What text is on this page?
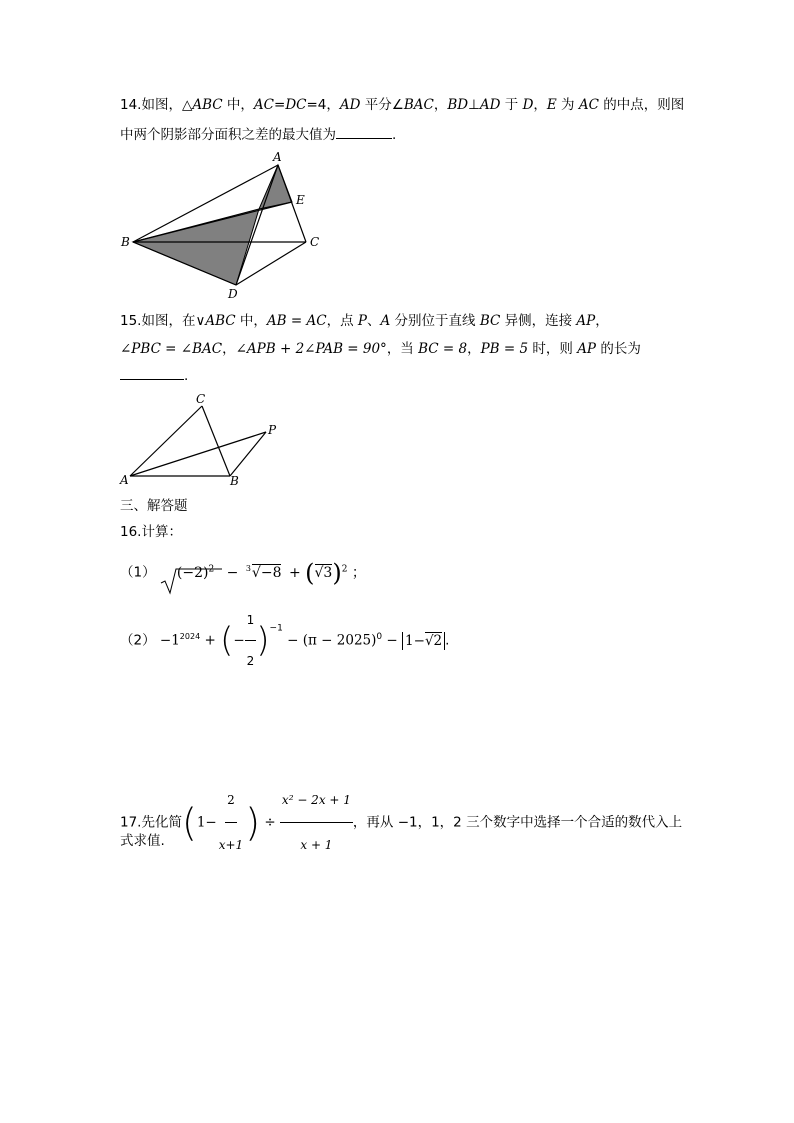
14.如图，△ABC 中，AC=DC=4，AD 平分∠BAC，BD⊥AD 于 D，E 为 AC 的中点，则图
中两个阴影部分面积之差的最大值为	.
A
B	C
D
E
15.如图，在∨ABC 中，AB = AC，点 P、A 分别位于直线 BC 异侧，连接 AP，
∠PBC = ∠BAC，∠APB + 2∠PAB = 90°，当 BC = 8，PB = 5 时，则 AP 的长为
.
A	B
C
P
三、解答题
16.计算：
（1） $(-2)^2 - ^3√-8 + (√3)^2$ ；
$(2) -1^{2024}$ + (− $\frac{1}{2} )^{-1} - (\pi - 2025)^0 - 1-√2$ .
17.先化简($1- \frac{2}{x+1}$ ) ÷ $\frac{\text{x² − 2x + 1}}{x + 1}$ ，再从 −1，1，2 三个数字中选择一个合适的数代入上
式求值.
